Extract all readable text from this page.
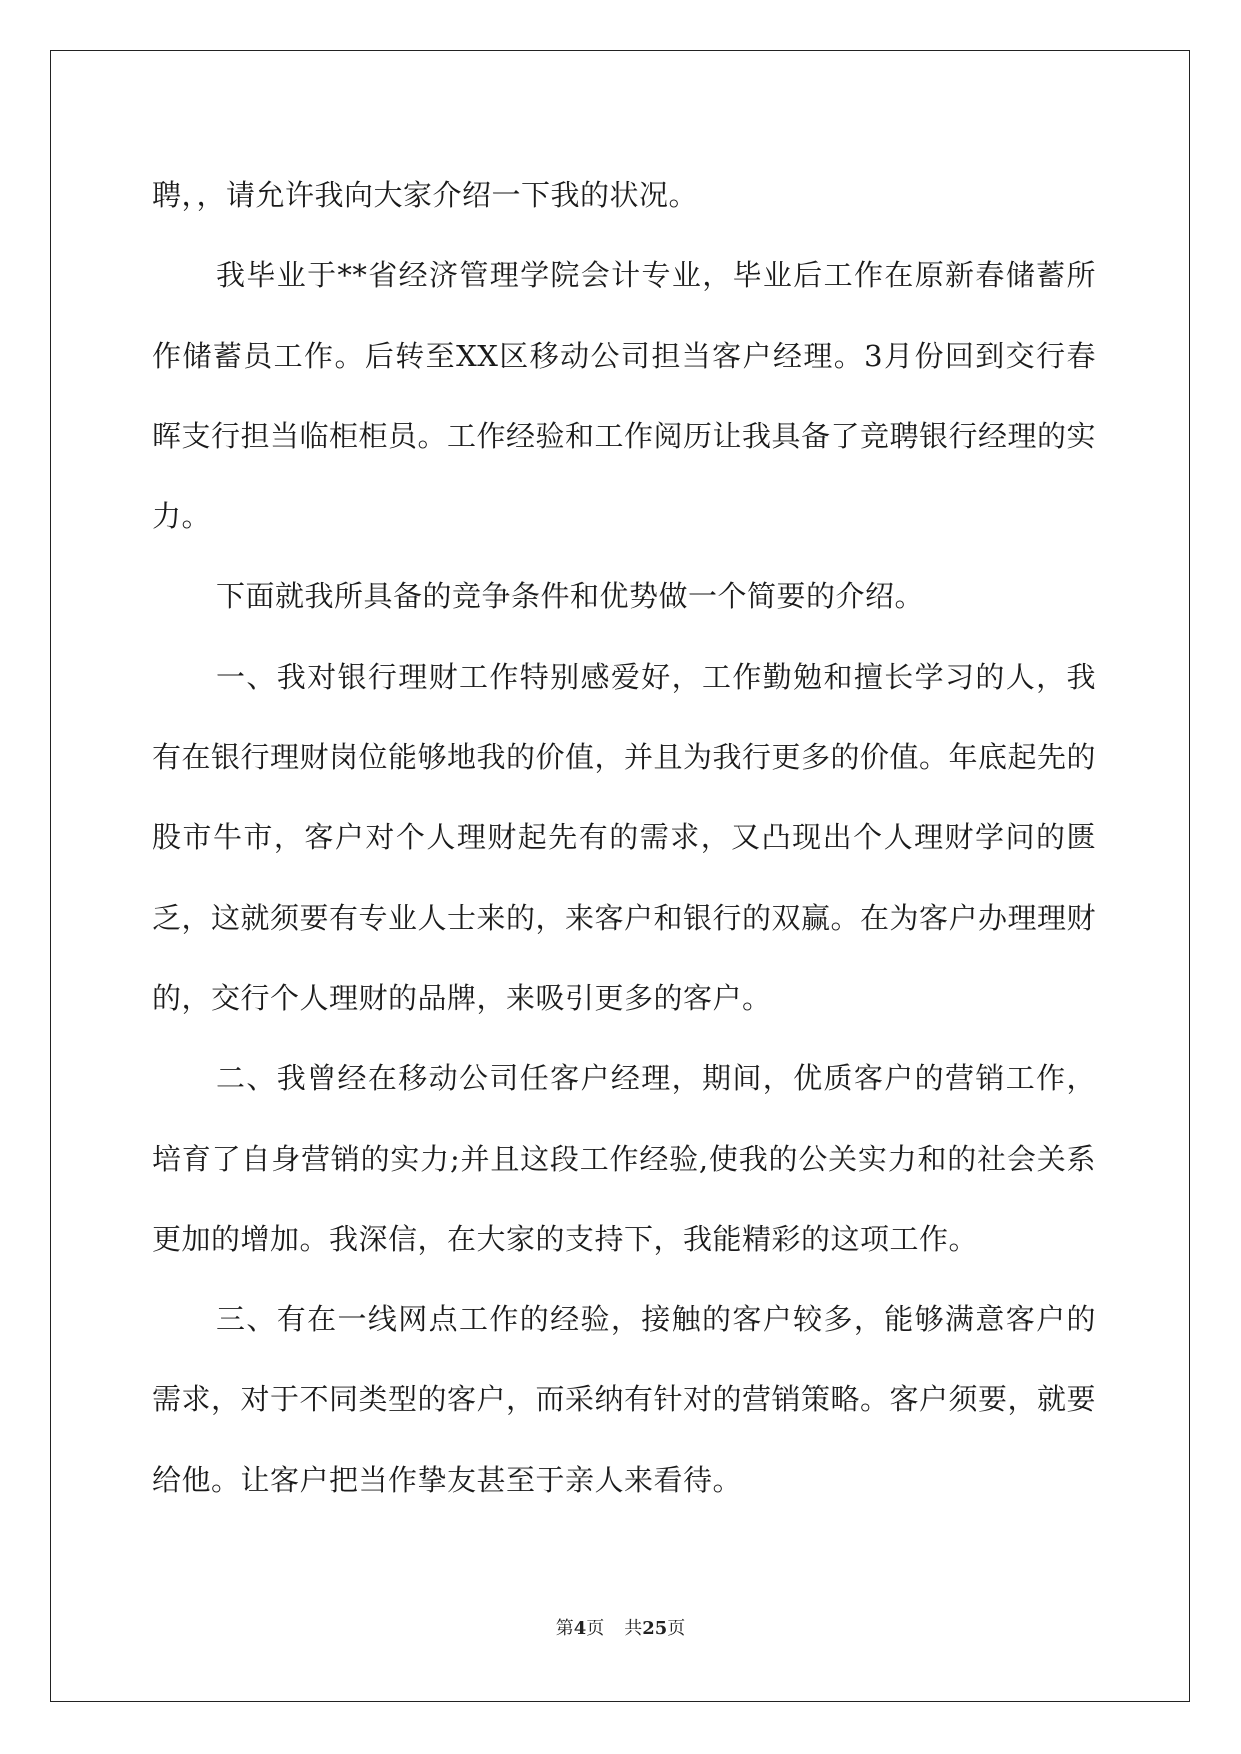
聘，，请允许我向大家介绍一下我的状况。

我毕业于**省经济管理学院会计专业，毕业后工作在原新春储蓄所作储蓄员工作。后转至XX区移动公司担当客户经理。3月份回到交行春晖支行担当临柜柜员。工作经验和工作阅历让我具备了竞聘银行经理的实力。

下面就我所具备的竞争条件和优势做一个简要的介绍。

一、我对银行理财工作特别感爱好，工作勤勉和擅长学习的人，我有在银行理财岗位能够地我的价值，并且为我行更多的价值。年底起先的股市牛市，客户对个人理财起先有的需求，又凸现出个人理财学问的匮乏，这就须要有专业人士来的，来客户和银行的双赢。在为客户办理理财的，交行个人理财的品牌，来吸引更多的客户。

二、我曾经在移动公司任客户经理，期间，优质客户的营销工作，培育了自身营销的实力;并且这段工作经验,使我的公关实力和的社会关系更加的增加。我深信，在大家的支持下，我能精彩的这项工作。

三、有在一线网点工作的经验，接触的客户较多，能够满意客户的需求，对于不同类型的客户，而采纳有针对的营销策略。客户须要，就要给他。让客户把当作挚友甚至于亲人来看待。

第4页 共25页
